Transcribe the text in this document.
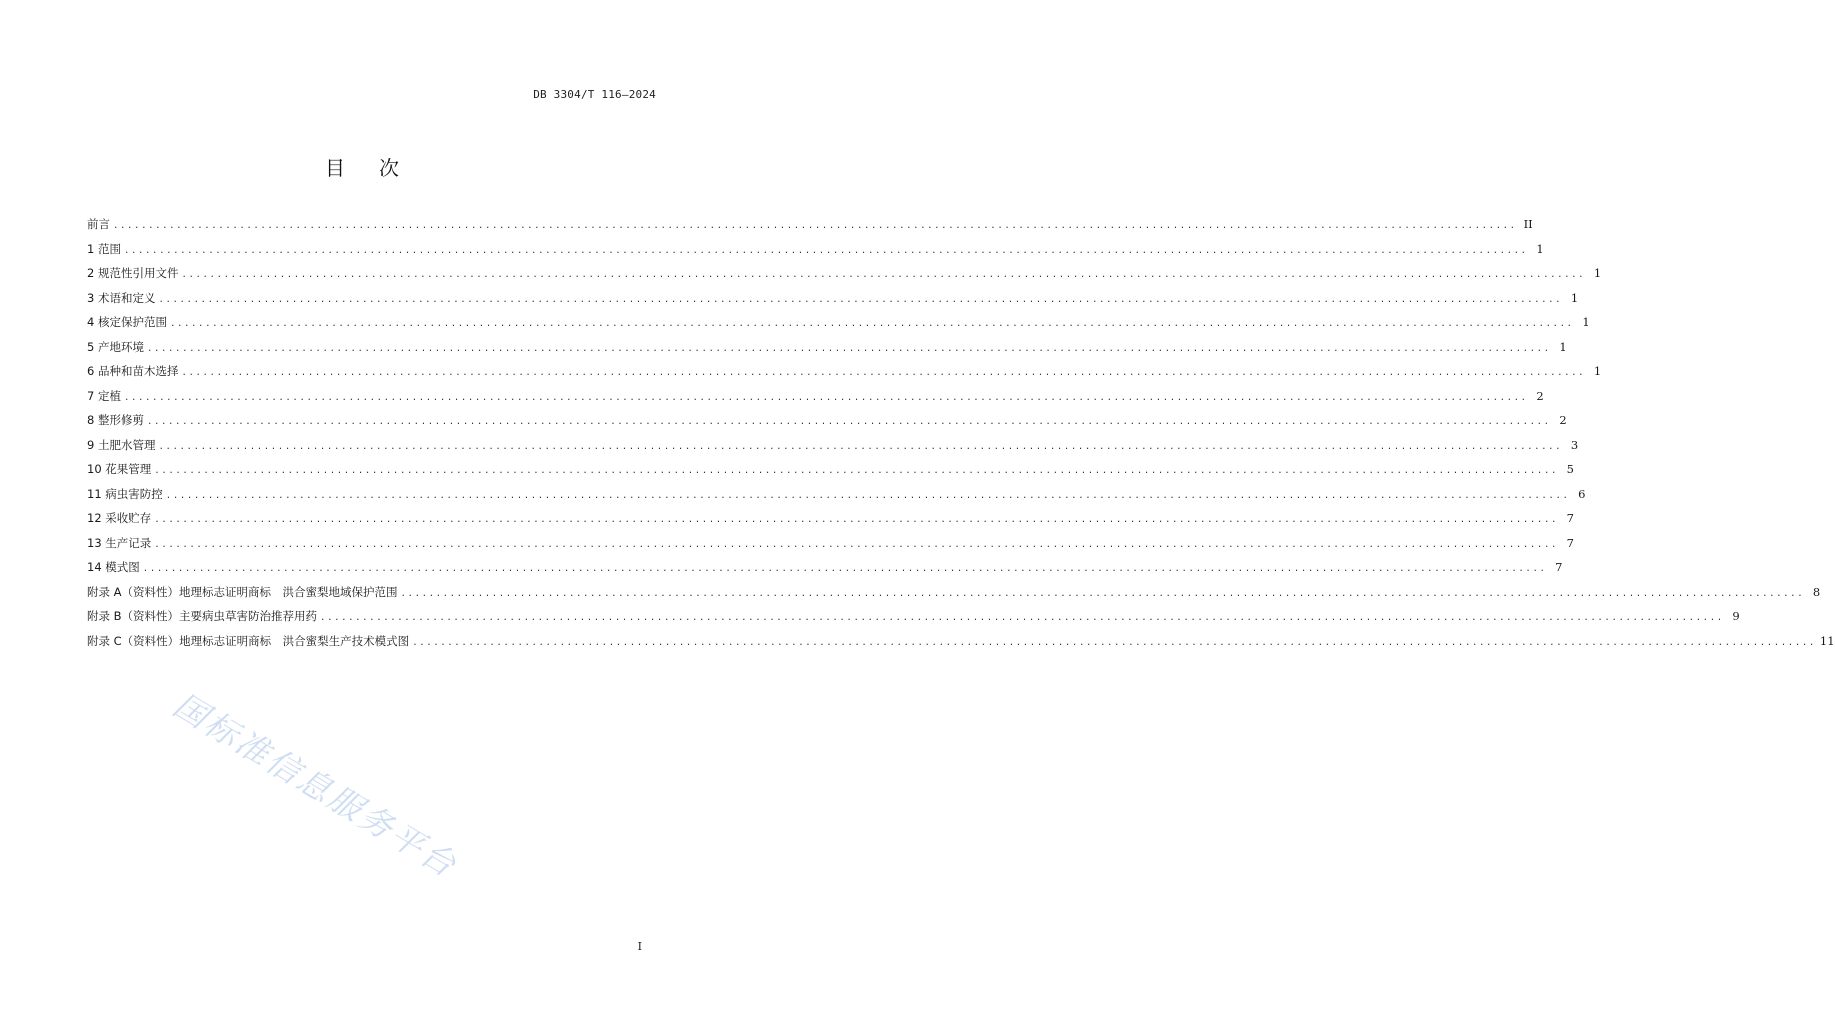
DB 3304/T 116—2024
目 次
前言 ........................................................................................................................................................................................................ II
1 范围 ........................................................................................................................................................................................................ 1
2 规范性引用文件 ........................................................................................................................................................................................................ 1
3 术语和定义 ........................................................................................................................................................................................................ 1
4 核定保护范围 ........................................................................................................................................................................................................ 1
5 产地环境 ........................................................................................................................................................................................................ 1
6 品种和苗木选择 ........................................................................................................................................................................................................ 1
7 定植 ........................................................................................................................................................................................................ 2
8 整形修剪 ........................................................................................................................................................................................................ 2
9 土肥水管理 ........................................................................................................................................................................................................ 3
10 花果管理 ........................................................................................................................................................................................................ 5
11 病虫害防控 ........................................................................................................................................................................................................ 6
12 采收贮存 ........................................................................................................................................................................................................ 7
13 生产记录 ........................................................................................................................................................................................................ 7
14 模式图 ........................................................................................................................................................................................................ 7
附录 A（资料性）地理标志证明商标　洪合蜜梨地域保护范围 ........................................................................................................................................................................................................ 8
附录 B（资料性）主要病虫草害防治推荐用药 ........................................................................................................................................................................................................ 9
附录 C（资料性）地理标志证明商标　洪合蜜梨生产技术模式图 ........................................................................................................................................................................................................ 11
国标准信息服务平台
I
